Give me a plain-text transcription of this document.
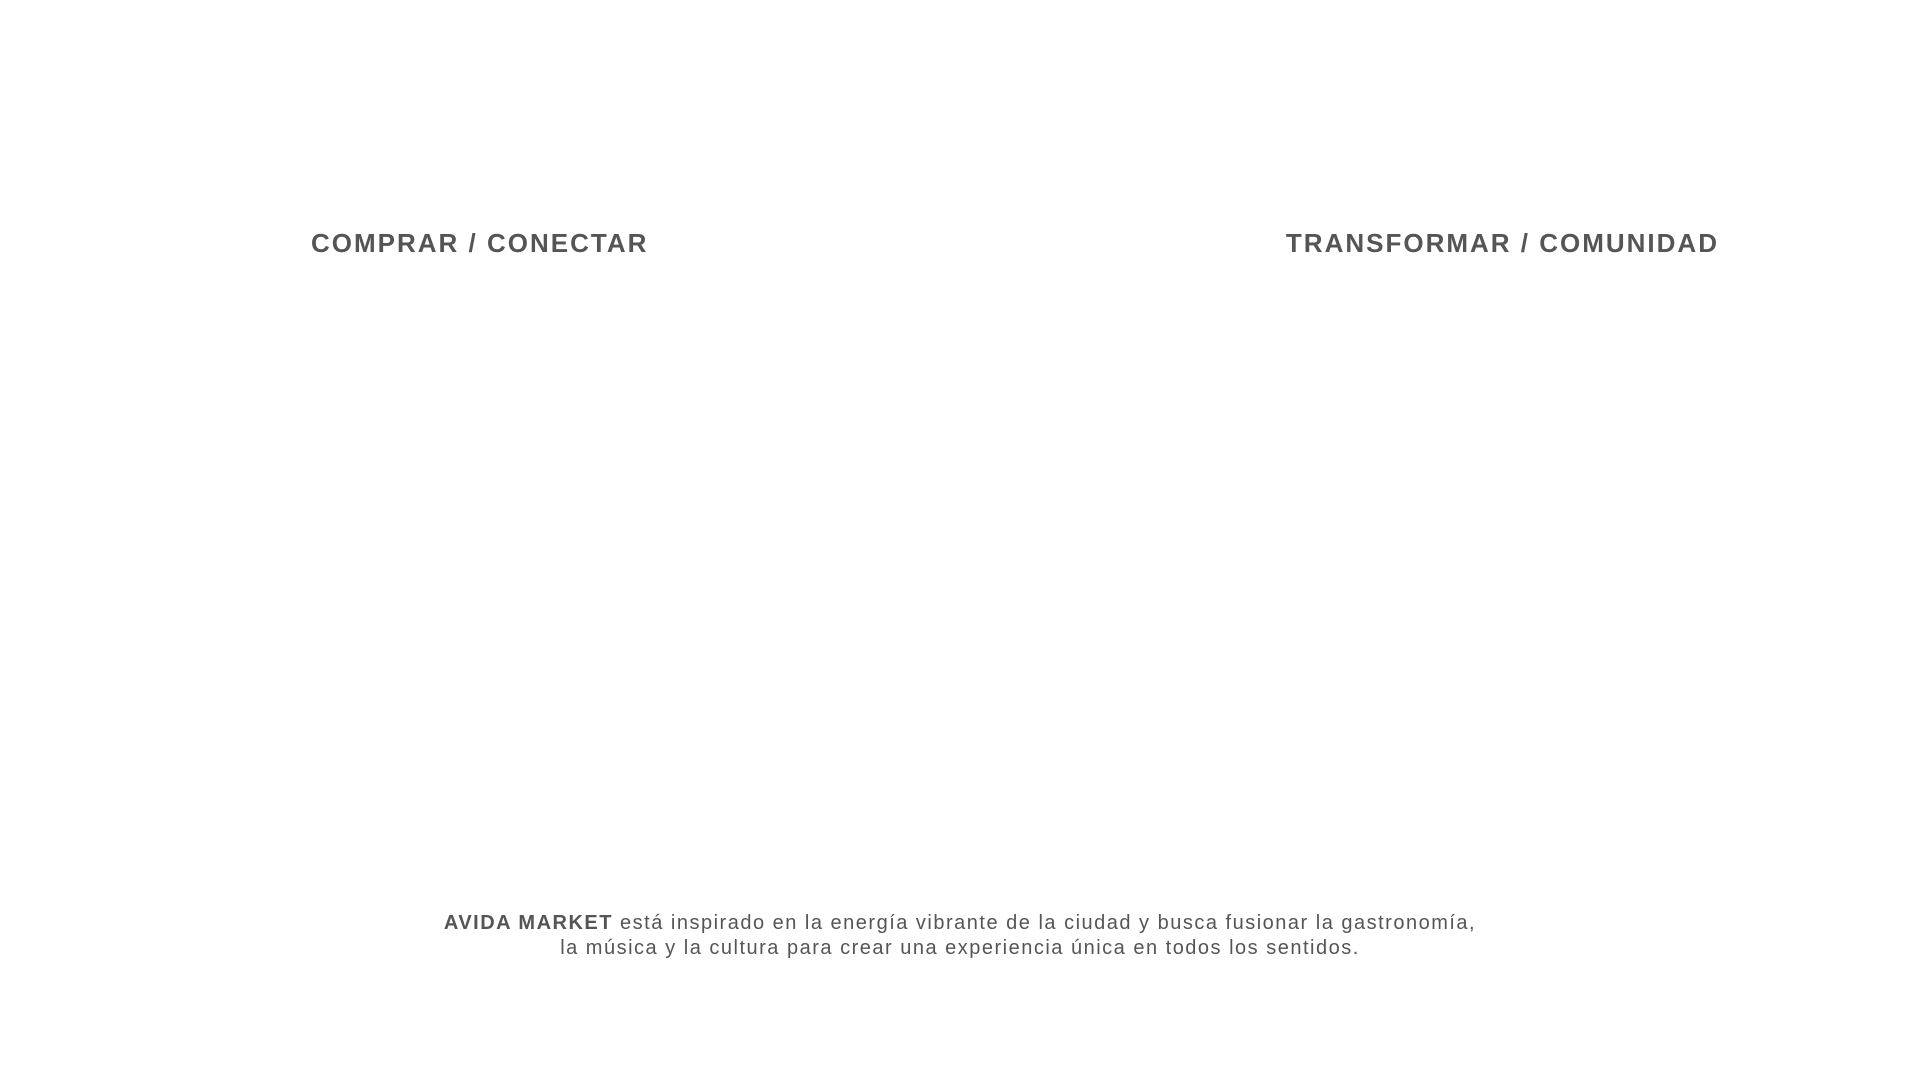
COMPRAR / CONECTAR	TRANSFORMAR / COMUNIDAD

AVIDA MARKET está inspirado en la energía vibrante de la ciudad y busca fusionar la gastronomía,
la música y la cultura para crear una experiencia única en todos los sentidos.
